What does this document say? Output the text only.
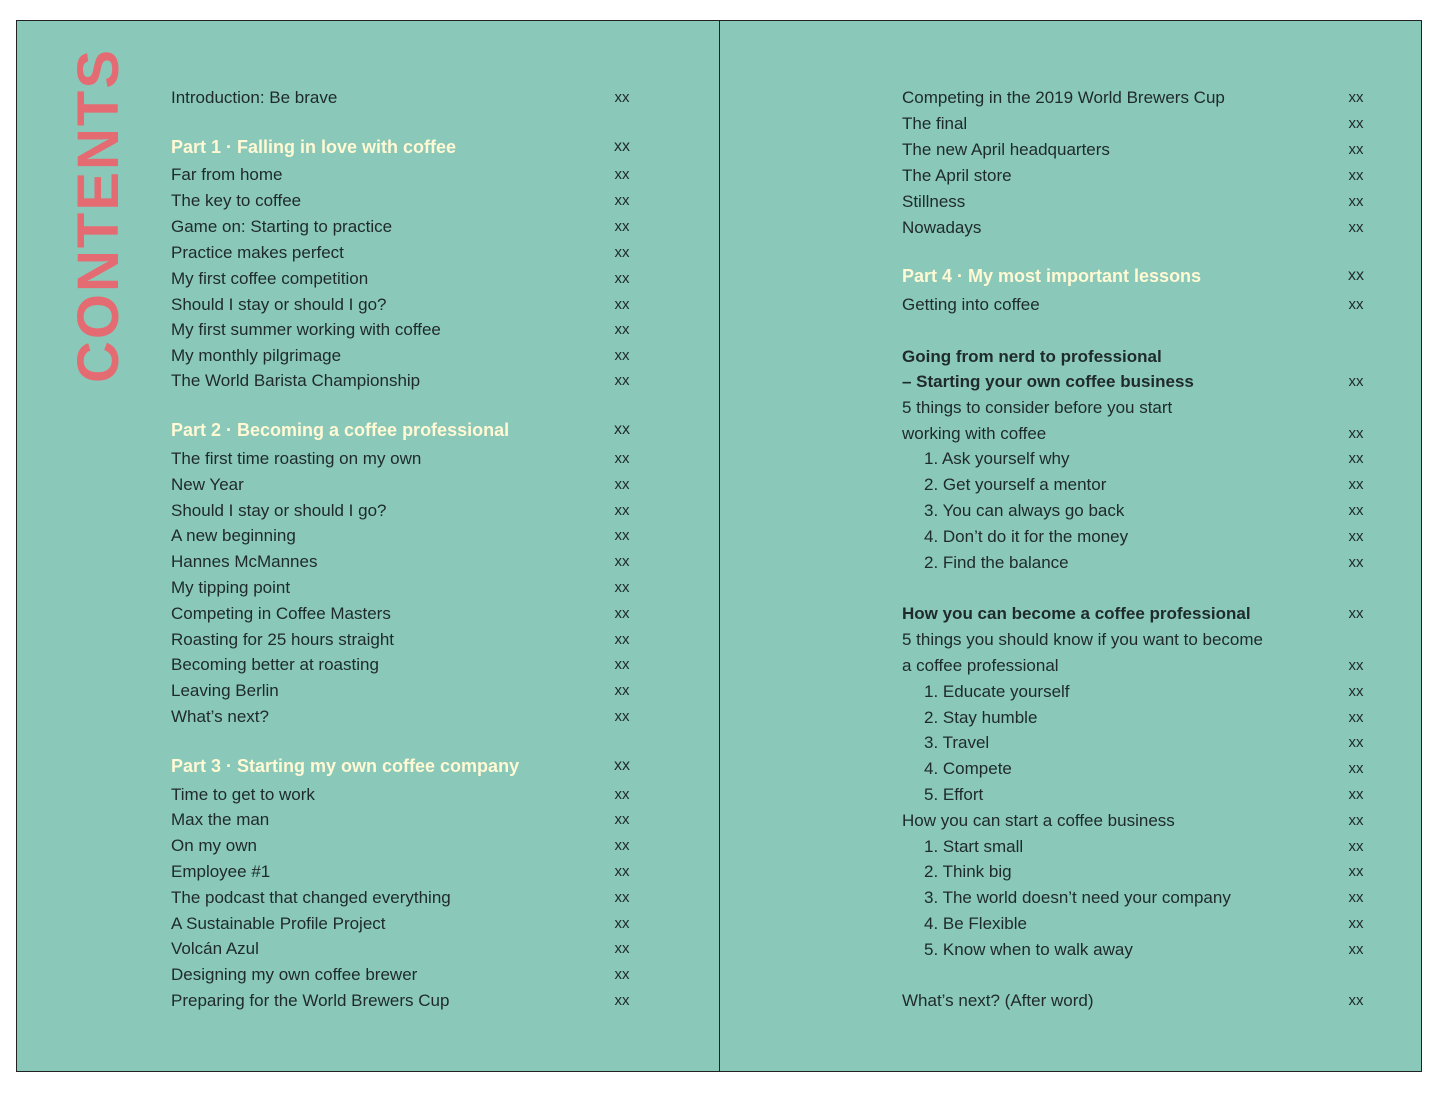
CONTENTS Introduction: Be brave	xx
Part 1 · Falling in love with coffee	xx
Far from home	xx
The key to coffee	xx
Game on: Starting to practice	xx
Practice makes perfect	xx
My first coffee competition	xx
Should I stay or should I go?	xx
My first summer working with coffee	xx
My monthly pilgrimage	xx
The World Barista Championship	xx
Part 2 · Becoming a coffee professional	xx
The first time roasting on my own	xx
New Year	xx
Should I stay or should I go?	xx
A new beginning	xx
Hannes McMannes	xx
My tipping point	xx
Competing in Coffee Masters	xx
Roasting for 25 hours straight	xx
Becoming better at roasting	xx
Leaving Berlin	xx
What’s next?	xx
Part 3 · Starting my own coffee company	xx
Time to get to work	xx
Max the man	xx
On my own	xx
Employee #1	xx
The podcast that changed everything	xx
A Sustainable Profile Project	xx
Volcán Azul	xx
Designing my own coffee brewer	xx
Preparing for the World Brewers Cup	xx
Competing in the 2019 World Brewers Cup	xx
The final	xx
The new April headquarters	xx
The April store	xx
Stillness	xx
Nowadays	xx
Part 4 · My most important lessons	xx
Getting into coffee	xx
Going from nerd to professional
– Starting your own coffee business	xx
5 things to consider before you start
working with coffee	xx
1. Ask yourself why	xx
2. Get yourself a mentor	xx
3. You can always go back	xx
4. Don’t do it for the money	xx
2. Find the balance	xx
How you can become a coffee professional	xx
5 things you should know if you want to become
a coffee professional	xx
1. Educate yourself	xx
2. Stay humble	xx
3. Travel	xx
4. Compete	xx
5. Effort	xx
How you can start a coffee business	xx
1. Start small	xx
2. Think big	xx
3. The world doesn’t need your company	xx
4. Be Flexible	xx
5. Know when to walk away	xx
What’s next? (After word)	xx
